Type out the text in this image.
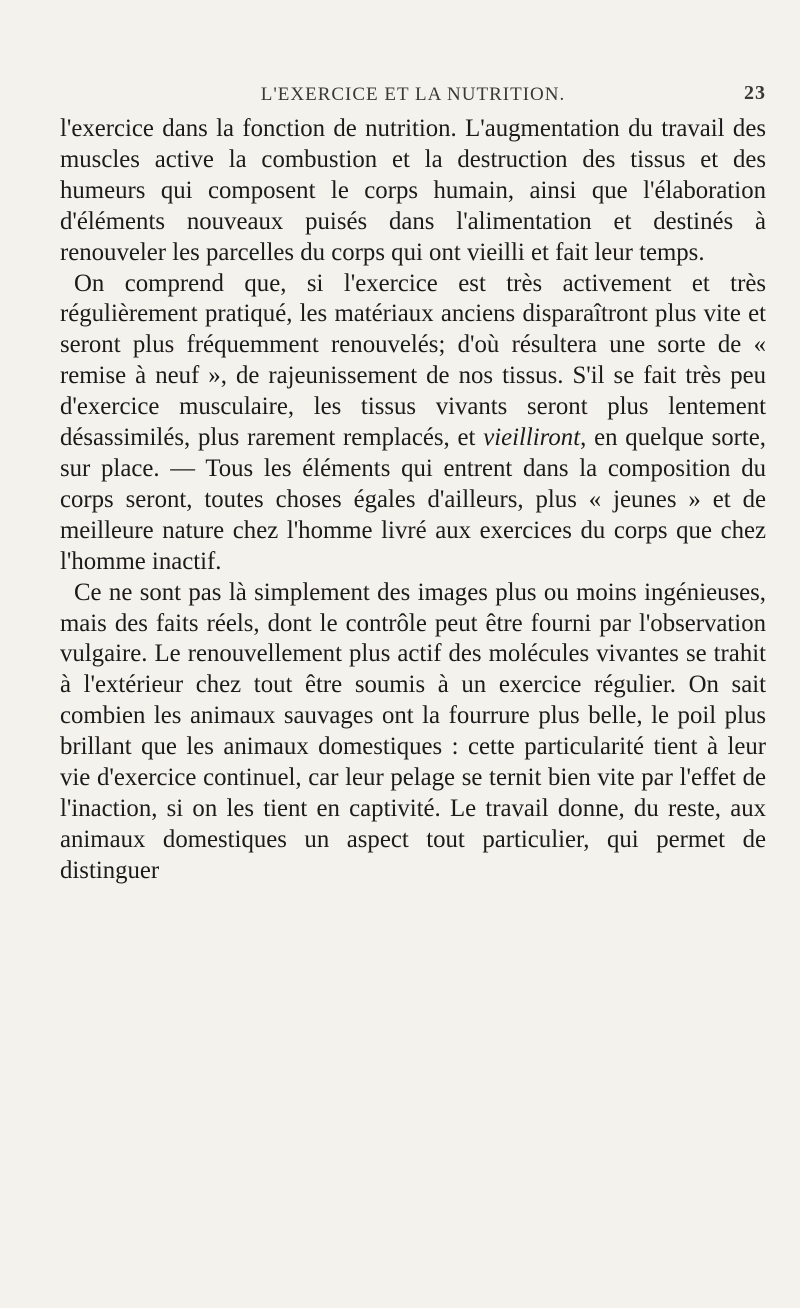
L'EXERCICE ET LA NUTRITION.	23

l'exercice dans la fonction de nutrition. L'augmentation du travail des muscles active la combustion et la destruction des tissus et des humeurs qui composent le corps humain, ainsi que l'élaboration d'éléments nouveaux puisés dans l'alimentation et destinés à renouveler les parcelles du corps qui ont vieilli et fait leur temps.

On comprend que, si l'exercice est très activement et très régulièrement pratiqué, les matériaux anciens disparaîtront plus vite et seront plus fréquemment renouvelés; d'où résultera une sorte de « remise à neuf », de rajeunissement de nos tissus. S'il se fait très peu d'exercice musculaire, les tissus vivants seront plus lentement désassimilés, plus rarement remplacés, et vieilliront, en quelque sorte, sur place. — Tous les éléments qui entrent dans la composition du corps seront, toutes choses égales d'ailleurs, plus « jeunes » et de meilleure nature chez l'homme livré aux exercices du corps que chez l'homme inactif.

Ce ne sont pas là simplement des images plus ou moins ingénieuses, mais des faits réels, dont le contrôle peut être fourni par l'observation vulgaire. Le renouvellement plus actif des molécules vivantes se trahit à l'extérieur chez tout être soumis à un exercice régulier. On sait combien les animaux sauvages ont la fourrure plus belle, le poil plus brillant que les animaux domestiques : cette particularité tient à leur vie d'exercice continuel, car leur pelage se ternit bien vite par l'effet de l'inaction, si on les tient en captivité. Le travail donne, du reste, aux animaux domestiques un aspect tout particulier, qui permet de distinguer
